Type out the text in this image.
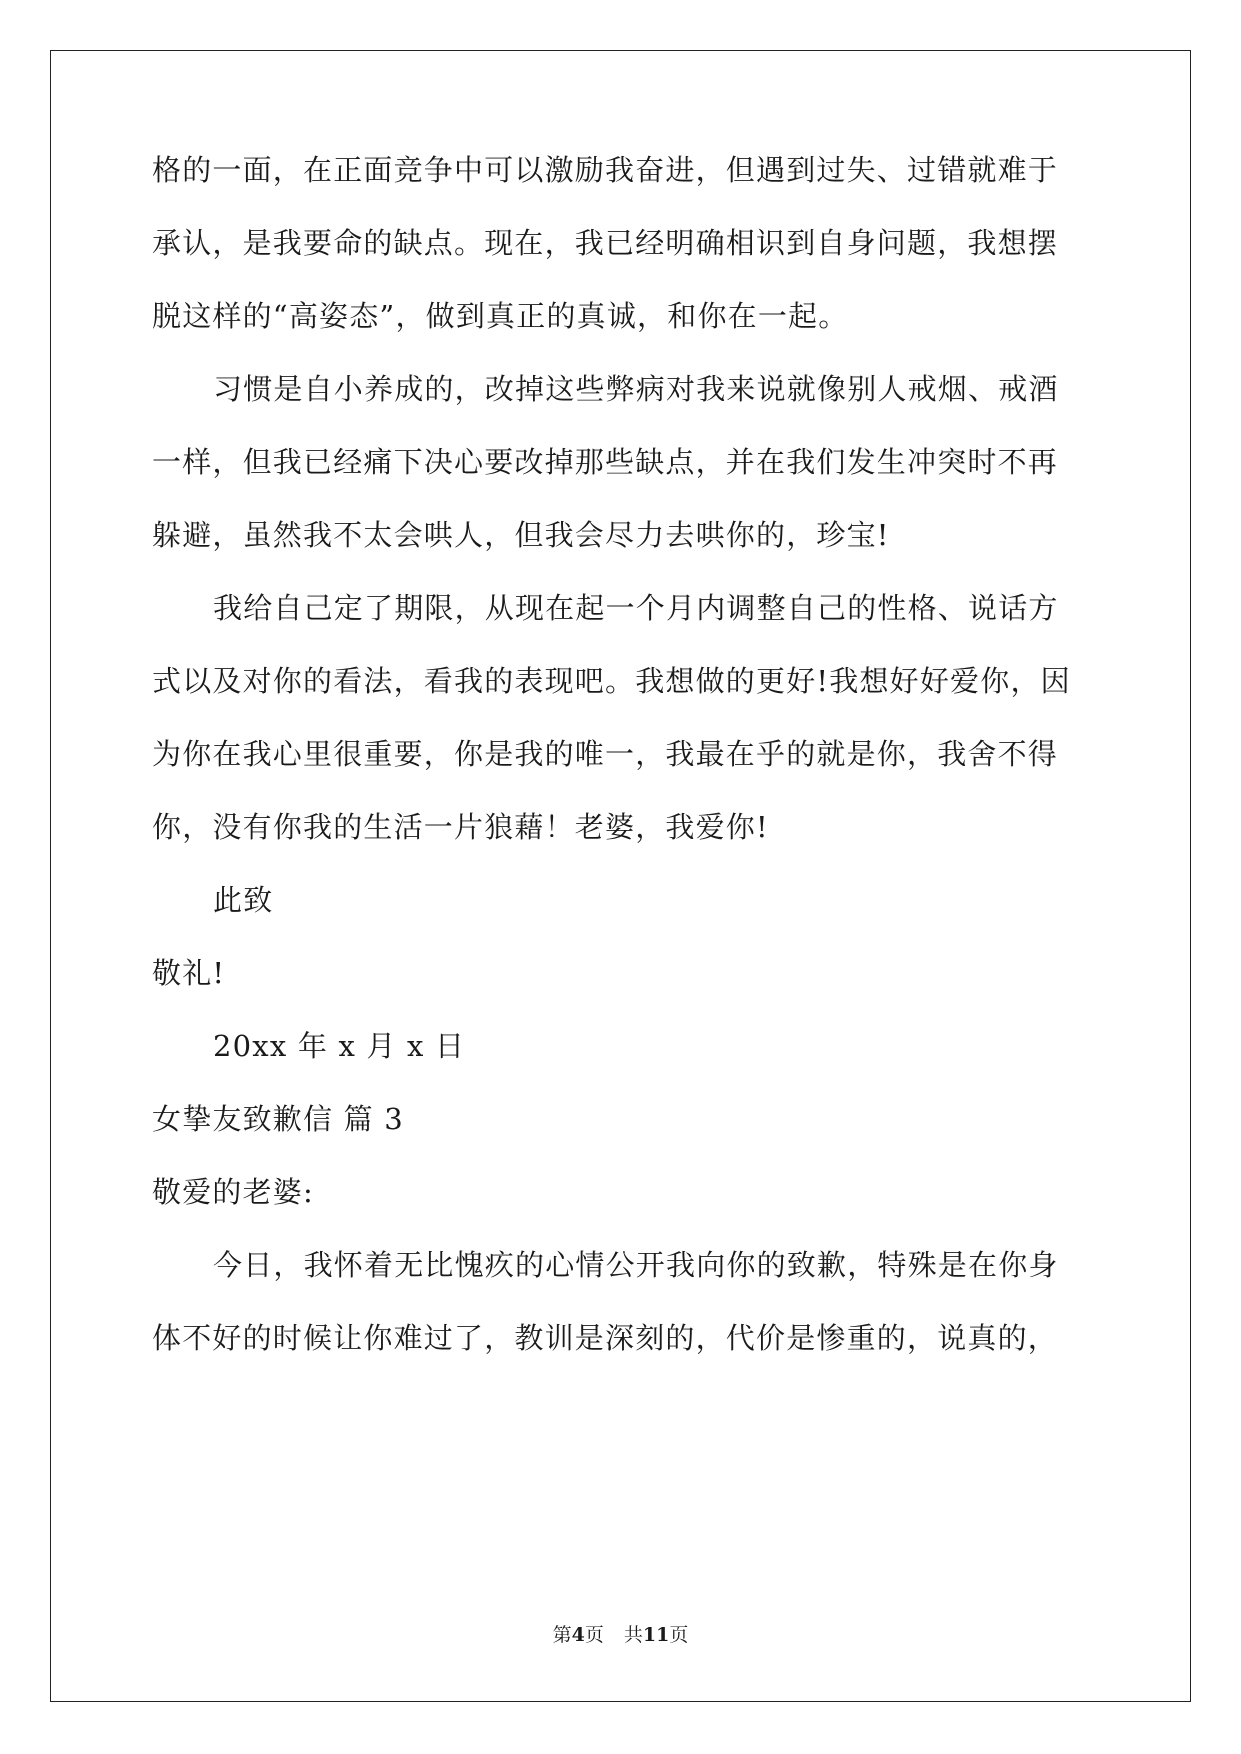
格的一面，在正面竞争中可以激励我奋进，但遇到过失、过错就难于
承认，是我要命的缺点。现在，我已经明确相识到自身问题，我想摆
脱这样的“高姿态”，做到真正的真诚，和你在一起。
习惯是自小养成的，改掉这些弊病对我来说就像别人戒烟、戒酒
一样，但我已经痛下决心要改掉那些缺点，并在我们发生冲突时不再
躲避，虽然我不太会哄人，但我会尽力去哄你的，珍宝!
我给自己定了期限，从现在起一个月内调整自己的性格、说话方
式以及对你的看法，看我的表现吧。我想做的更好!我想好好爱你，因
为你在我心里很重要，你是我的唯一，我最在乎的就是你，我舍不得
你，没有你我的生活一片狼藉！老婆，我爱你!
此致
敬礼!
20xx 年 x 月 x 日
女挚友致歉信 篇 3
敬爱的老婆:
今日，我怀着无比愧疚的心情公开我向你的致歉，特殊是在你身
体不好的时候让你难过了，教训是深刻的，代价是惨重的，说真的，
第4页 共11页
